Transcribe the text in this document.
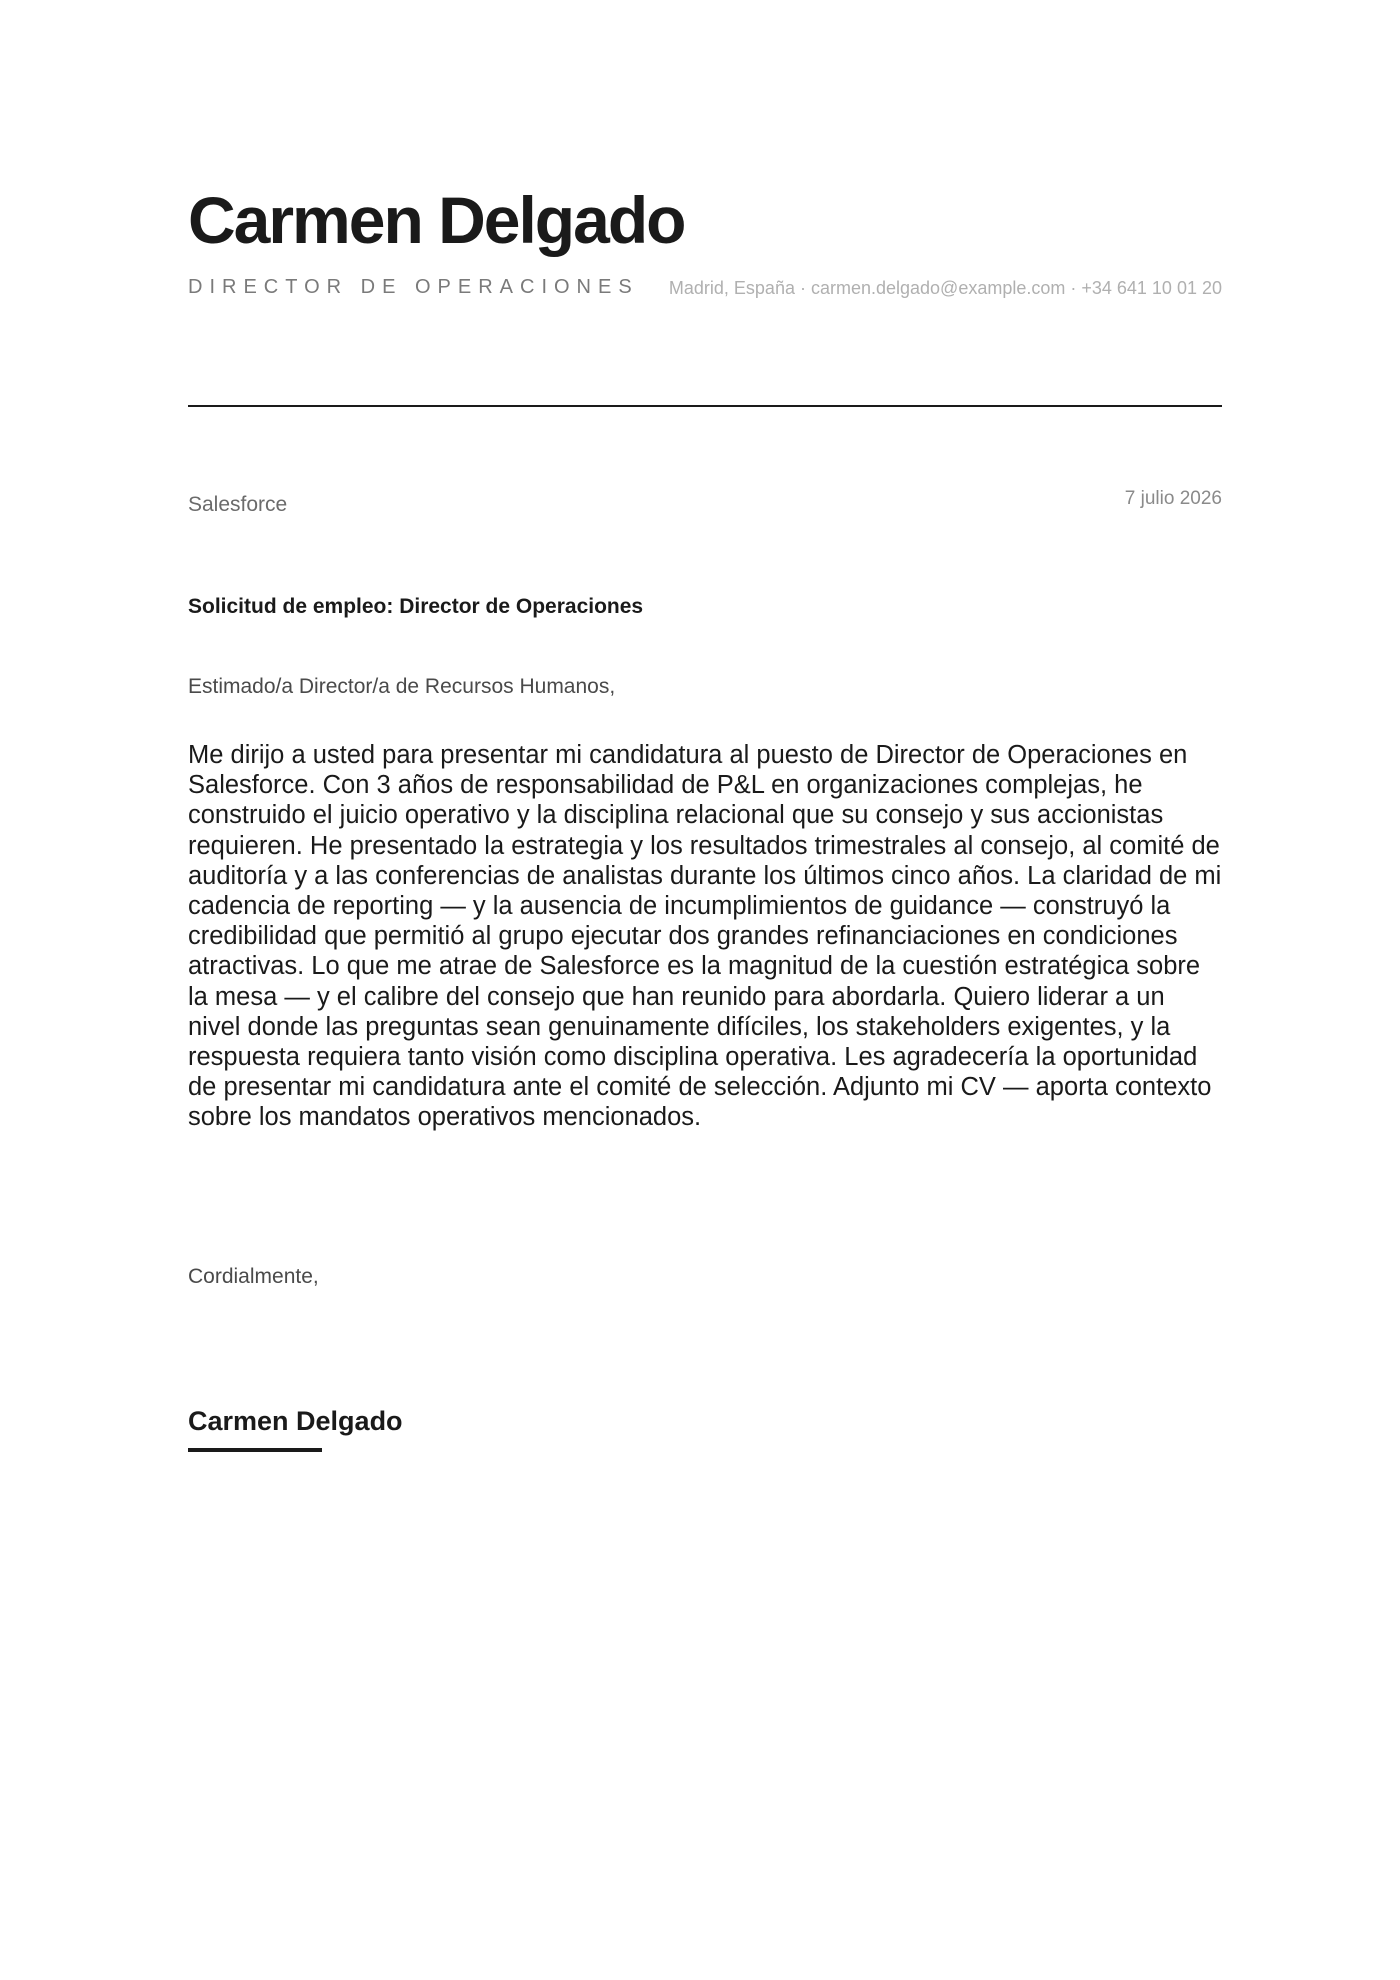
Carmen Delgado
DIRECTOR DE OPERACIONES Madrid, España · carmen.delgado@example.com · +34 641 10 01 20
Salesforce	7 julio 2026
Solicitud de empleo: Director de Operaciones
Estimado/a Director/a de Recursos Humanos,

Me dirijo a usted para presentar mi candidatura al puesto de Director de Operaciones en Salesforce. Con 3 años de responsabilidad de P&L en organizaciones complejas, he construido el juicio operativo y la disciplina relacional que su consejo y sus accionistas requieren. He presentado la estrategia y los resultados trimestrales al consejo, al comité de auditoría y a las conferencias de analistas durante los últimos cinco años. La claridad de mi cadencia de reporting — y la ausencia de incumplimientos de guidance — construyó la credibilidad que permitió al grupo ejecutar dos grandes refinanciaciones en condiciones atractivas. Lo que me atrae de Salesforce es la magnitud de la cuestión estratégica sobre la mesa — y el calibre del consejo que han reunido para abordarla. Quiero liderar a un nivel donde las preguntas sean genuinamente difíciles, los stakeholders exigentes, y la respuesta requiera tanto visión como disciplina operativa. Les agradecería la oportunidad de presentar mi candidatura ante el comité de selección. Adjunto mi CV — aporta contexto sobre los mandatos operativos mencionados.

Cordialmente,
Carmen Delgado
